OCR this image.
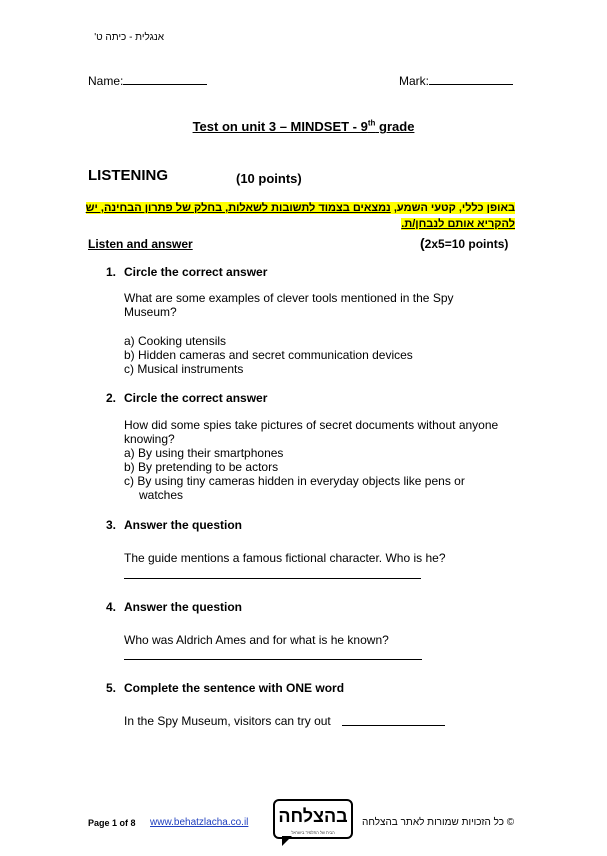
אנגלית - כיתה ט'
Name:	Mark:
Test on unit 3 – MINDSET - 9th grade
LISTENING	(10 points)
באופן כללי, קטעי השמע, נמצאים בצמוד לתשובות לשאלות, בחלק של פתרון הבחינה, יש להקריא אותם לנבחן/ת.
Listen and answer	(2x5=10 points)
1. Circle the correct answer
What are some examples of clever tools mentioned in the Spy Museum?
a) Cooking utensils
b) Hidden cameras and secret communication devices
c) Musical instruments
2. Circle the correct answer
How did some spies take pictures of secret documents without anyone knowing?
a) By using their smartphones
b) By pretending to be actors
c) By using tiny cameras hidden in everyday objects like pens or
watches
3. Answer the question
The guide mentions a famous fictional character. Who is he?
4. Answer the question
Who was Aldrich Ames and for what is he known?
5. Complete the sentence with ONE word
In the Spy Museum, visitors can try out
Page 1 of 8 www.behatzlacha.co.il בהצלחה
הבית של התלמיד בישראל
© כל הזכויות שמורות לאתר בהצלחה
